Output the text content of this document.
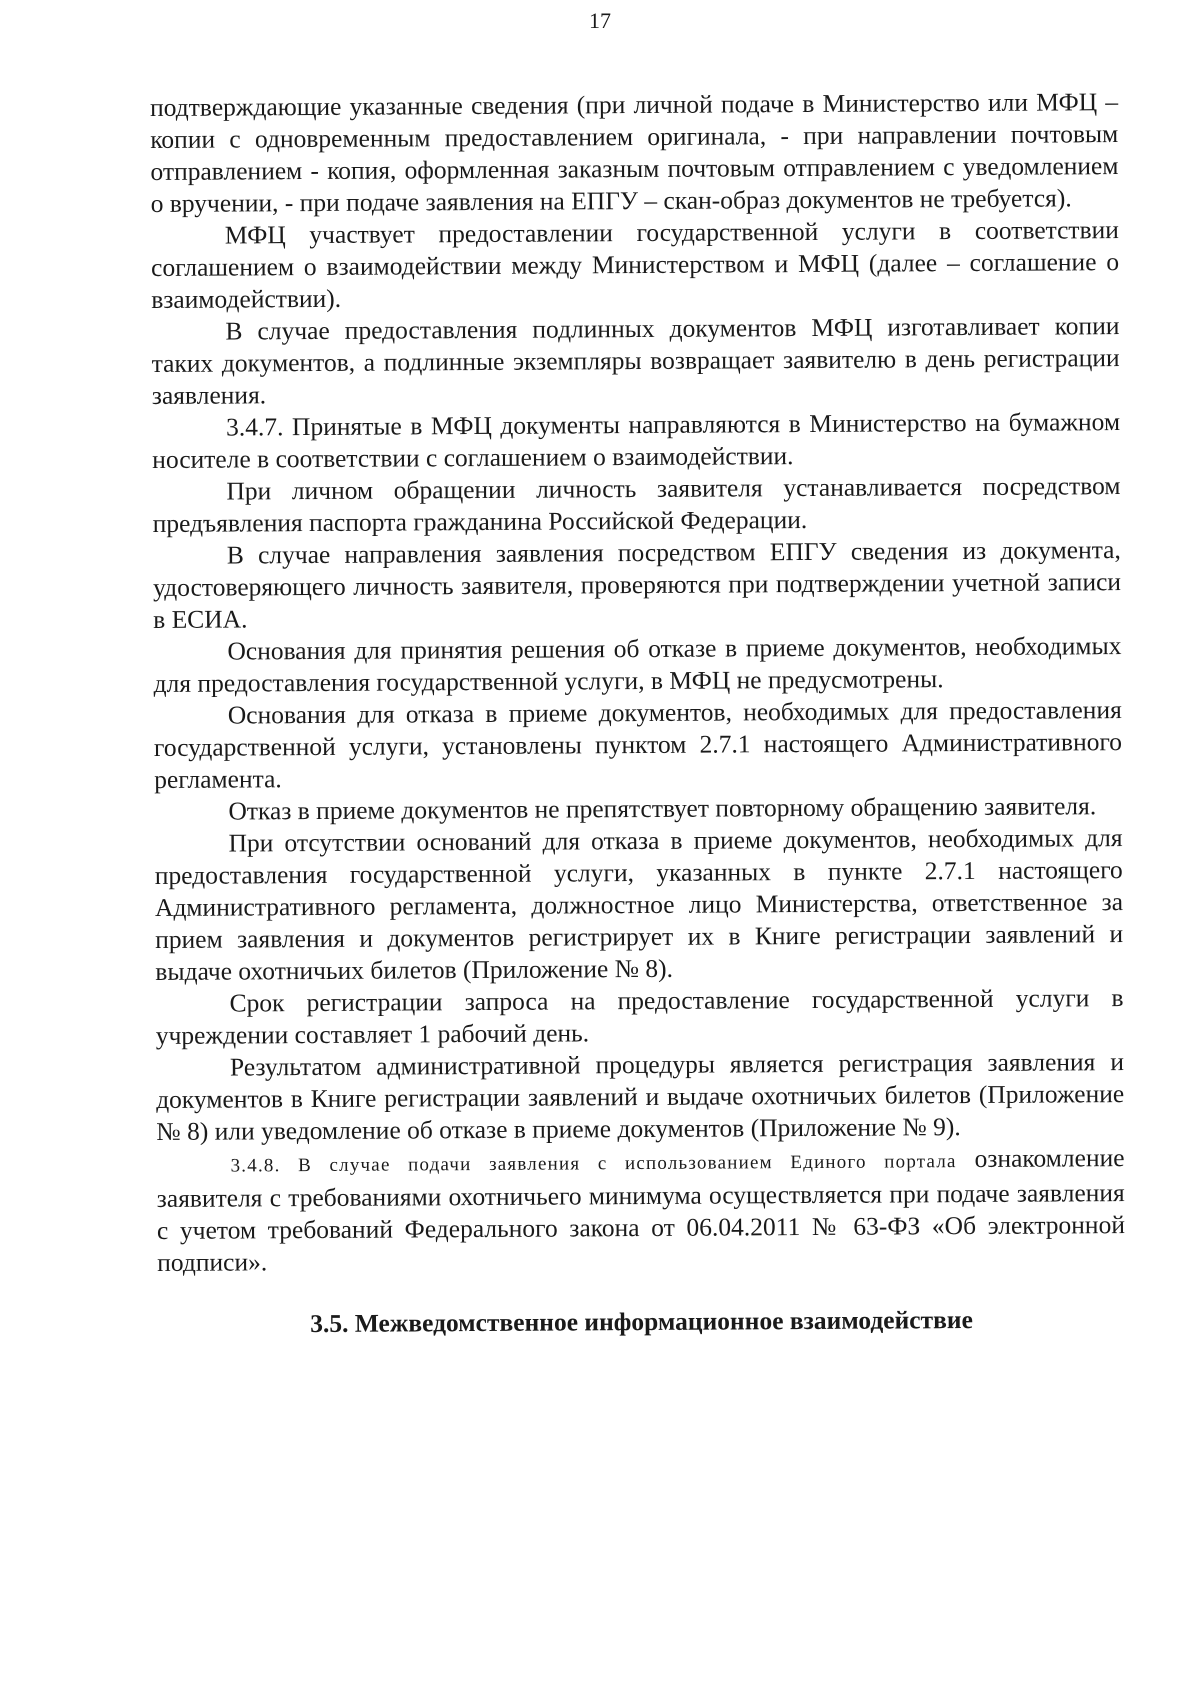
17

подтверждающие указанные сведения (при личной подаче в Министерство или МФЦ – копии с одновременным предоставлением оригинала, - при направлении почтовым отправлением - копия, оформленная заказным почтовым отправлением с уведомлением о вручении, - при подаче заявления на ЕПГУ – скан-образ документов не требуется).

МФЦ участвует предоставлении государственной услуги в соответствии соглашением о взаимодействии между Министерством и МФЦ (далее – соглашение о взаимодействии).

В случае предоставления подлинных документов МФЦ изготавливает копии таких документов, а подлинные экземпляры возвращает заявителю в день регистрации заявления.

3.4.7. Принятые в МФЦ документы направляются в Министерство на бумажном носителе в соответствии с соглашением о взаимодействии.

При личном обращении личность заявителя устанавливается посредством предъявления паспорта гражданина Российской Федерации.

В случае направления заявления посредством ЕПГУ сведения из документа, удостоверяющего личность заявителя, проверяются при подтверждении учетной записи в ЕСИА.

Основания для принятия решения об отказе в приеме документов, необходимых для предоставления государственной услуги, в МФЦ не предусмотрены.

Основания для отказа в приеме документов, необходимых для предоставления государственной услуги, установлены пунктом 2.7.1 настоящего Административного регламента.

Отказ в приеме документов не препятствует повторному обращению заявителя.

При отсутствии оснований для отказа в приеме документов, необходимых для предоставления государственной услуги, указанных в пункте 2.7.1 настоящего Административного регламента, должностное лицо Министерства, ответственное за прием заявления и документов регистрирует их в Книге регистрации заявлений и выдаче охотничьих билетов (Приложение № 8).

Срок регистрации запроса на предоставление государственной услуги в учреждении составляет 1 рабочий день.

Результатом административной процедуры является регистрация заявления и документов в Книге регистрации заявлений и выдаче охотничьих билетов (Приложение № 8) или уведомление об отказе в приеме документов (Приложение № 9).

3.4.8. В случае подачи заявления с использованием Единого портала ознакомление заявителя с требованиями охотничьего минимума осуществляется при подаче заявления с учетом требований Федерального закона от 06.04.2011 № 63-ФЗ «Об электронной подписи».

3.5. Межведомственное информационное взаимодействие
